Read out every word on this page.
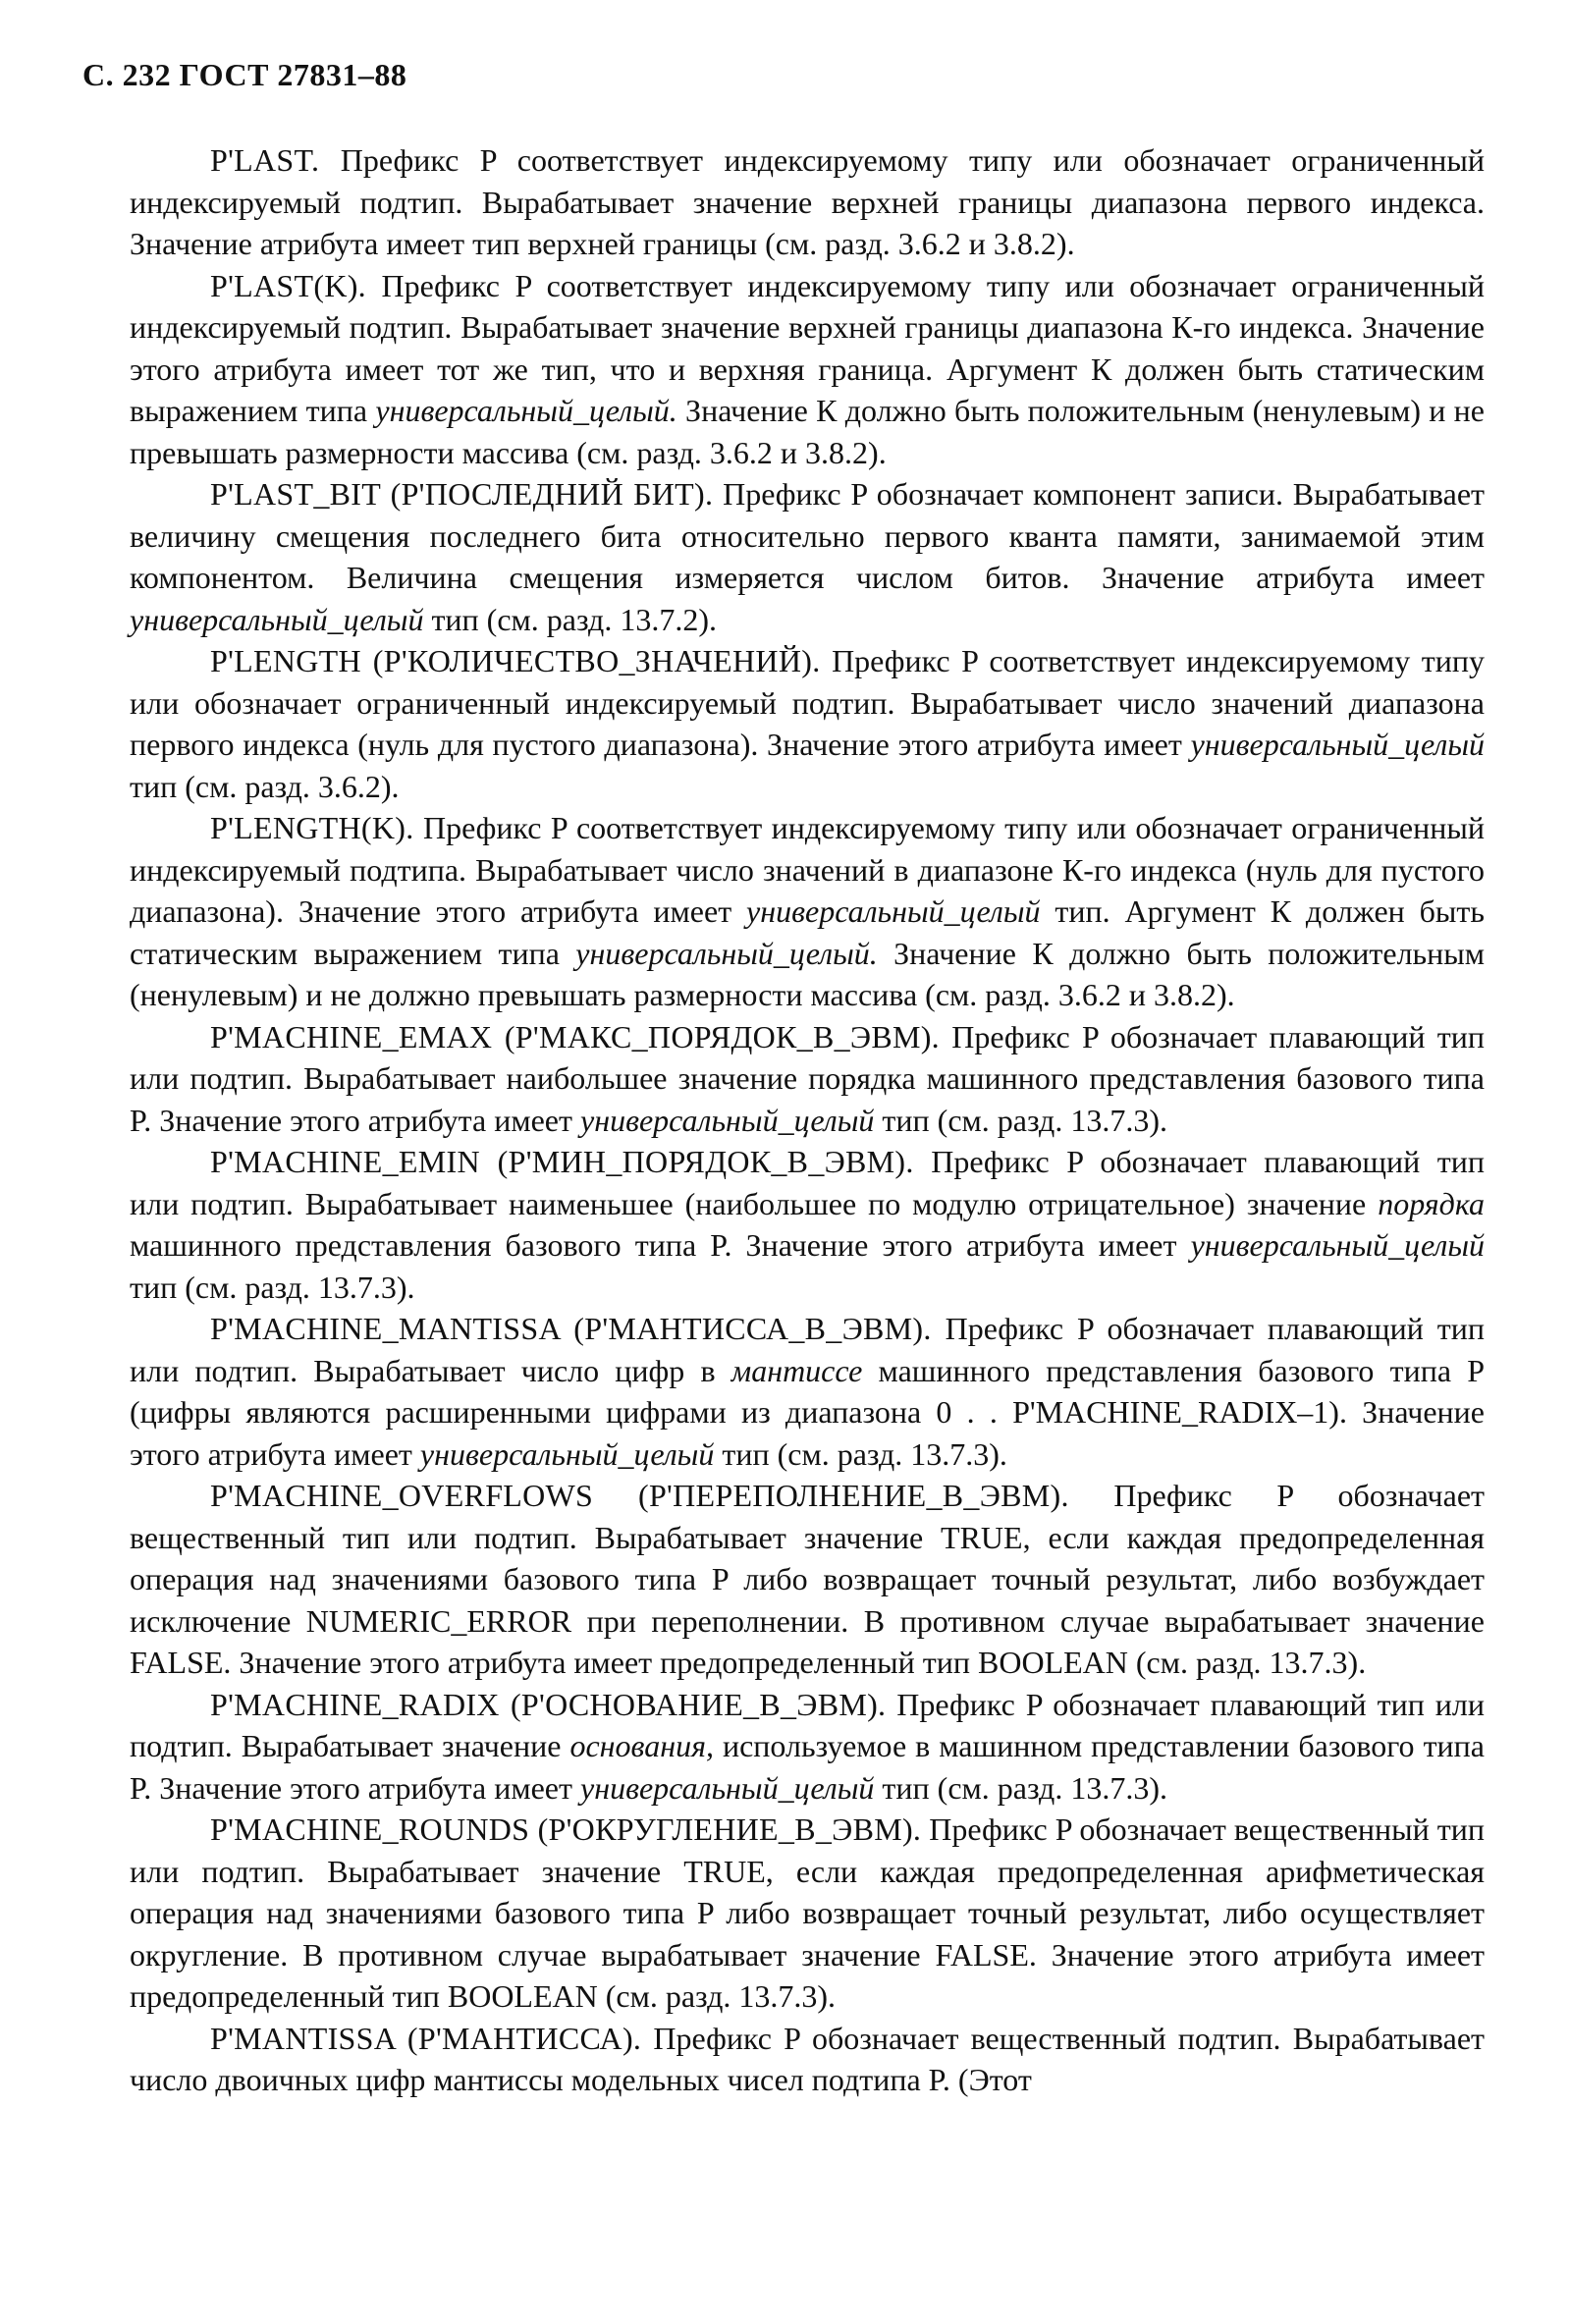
С. 232 ГОСТ 27831–88

P'LAST. Префикс P соответствует индексируемому типу или обозначает ограниченный индексируемый подтип. Вырабатывает значение верхней границы диапазона первого индекса. Значение атрибута имеет тип верхней границы (см. разд. 3.6.2 и 3.8.2).

P'LAST(K). Префикс P соответствует индексируемому типу или обозначает ограниченный индексируемый подтип. Вырабатывает значение верхней границы диапазона К-го индекса. Значение этого атрибута имеет тот же тип, что и верхняя граница. Аргумент К должен быть статическим выражением типа универсальный_целый. Значение К должно быть положительным (ненулевым) и не превышать размерности массива (см. разд. 3.6.2 и 3.8.2).

P'LAST_BIT (P'ПОСЛЕДНИЙ БИТ). Префикс P обозначает компонент записи. Вырабатывает величину смещения последнего бита относительно первого кванта памяти, занимаемой этим компонентом. Величина смещения измеряется числом битов. Значение атрибута имеет универсальный_целый тип (см. разд. 13.7.2).

P'LENGTH (P'КОЛИЧЕСТВО_ЗНАЧЕНИЙ). Префикс P соответствует индексируемому типу или обозначает ограниченный индексируемый подтип. Вырабатывает число значений диапазона первого индекса (нуль для пустого диапазона). Значение этого атрибута имеет универсальный_целый тип (см. разд. 3.6.2).

P'LENGTH(K). Префикс P соответствует индексируемому типу или обозначает ограниченный индексируемый подтипа. Вырабатывает число значений в диапазоне К-го индекса (нуль для пустого диапазона). Значение этого атрибута имеет универсальный_целый тип. Аргумент К должен быть статическим выражением типа универсальный_целый. Значение К должно быть положительным (ненулевым) и не должно превышать размерности массива (см. разд. 3.6.2 и 3.8.2).

P'MACHINE_EMAX (P'МАКС_ПОРЯДОК_В_ЭВМ). Префикс P обозначает плавающий тип или подтип. Вырабатывает наибольшее значение порядка машинного представления базового типа P. Значение этого атрибута имеет универсальный_целый тип (см. разд. 13.7.3).

P'MACHINE_EMIN (P'МИН_ПОРЯДОК_В_ЭВМ). Префикс P обозначает плавающий тип или подтип. Вырабатывает наименьшее (наибольшее по модулю отрицательное) значение порядка машинного представления базового типа P. Значение этого атрибута имеет универсальный_целый тип (см. разд. 13.7.3).

P'MACHINE_MANTISSA (P'МАНТИССА_В_ЭВМ). Префикс P обозначает плавающий тип или подтип. Вырабатывает число цифр в мантиссе машинного представления базового типа P (цифры являются расширенными цифрами из диапазона 0 . . P'MACHINE_RADIX–1). Значение этого атрибута имеет универсальный_целый тип (см. разд. 13.7.3).

P'MACHINE_OVERFLOWS (P'ПЕРЕПОЛНЕНИЕ_В_ЭВМ). Префикс P обозначает вещественный тип или подтип. Вырабатывает значение TRUE, если каждая предопределенная операция над значениями базового типа P либо возвращает точный результат, либо возбуждает исключение NUMERIC_ERROR при переполнении. В противном случае вырабатывает значение FALSE. Значение этого атрибута имеет предопределенный тип BOOLEAN (см. разд. 13.7.3).

P'MACHINE_RADIX (P'ОСНОВАНИЕ_В_ЭВМ). Префикс P обозначает плавающий тип или подтип. Вырабатывает значение основания, используемое в машинном представлении базового типа P. Значение этого атрибута имеет универсальный_целый тип (см. разд. 13.7.3).

P'MACHINE_ROUNDS (P'ОКРУГЛЕНИЕ_В_ЭВМ). Префикс P обозначает вещественный тип или подтип. Вырабатывает значение TRUE, если каждая предопределенная арифметическая операция над значениями базового типа P либо возвращает точный результат, либо осуществляет округление. В противном случае вырабатывает значение FALSE. Значение этого атрибута имеет предопределенный тип BOOLEAN (см. разд. 13.7.3).

P'MANTISSA (P'МАНТИССА). Префикс P обозначает вещественный подтип. Вырабатывает число двоичных цифр мантиссы модельных чисел подтипа P. (Этот
